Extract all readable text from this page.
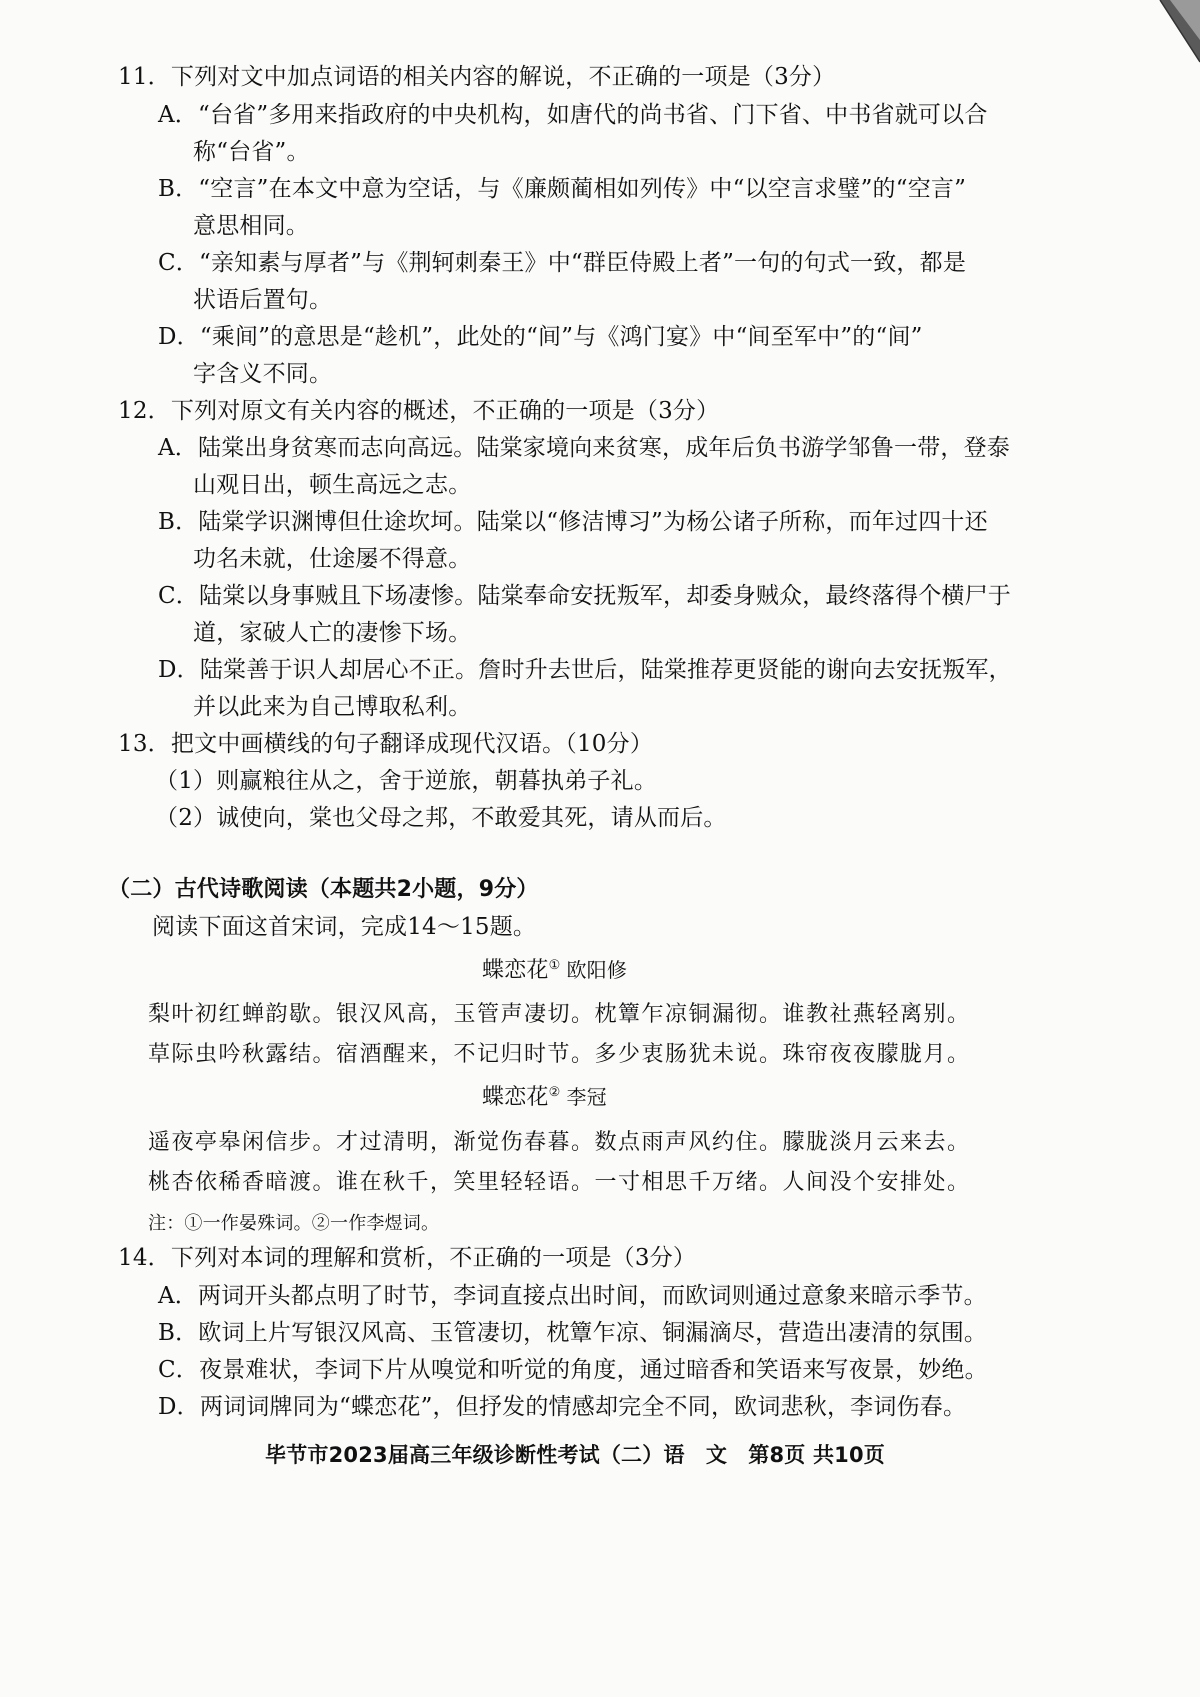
11．下列对文中加点词语的相关内容的解说，不正确的一项是（3分）
A．“台省”多用来指政府的中央机构，如唐代的尚书省、门下省、中书省就可以合
称“台省”。
B．“空言”在本文中意为空话，与《廉颇蔺相如列传》中“以空言求璧”的“空言”
意思相同。
C．“亲知素与厚者”与《荆轲刺秦王》中“群臣侍殿上者”一句的句式一致，都是
状语后置句。
D．“乘间”的意思是“趁机”，此处的“间”与《鸿门宴》中“间至军中”的“间”
字含义不同。
12．下列对原文有关内容的概述，不正确的一项是（3分）
A．陆棠出身贫寒而志向高远。陆棠家境向来贫寒，成年后负书游学邹鲁一带，登泰
山观日出，顿生高远之志。
B．陆棠学识渊博但仕途坎坷。陆棠以“修洁博习”为杨公诸子所称，而年过四十还
功名未就，仕途屡不得意。
C．陆棠以身事贼且下场凄惨。陆棠奉命安抚叛军，却委身贼众，最终落得个横尸于
道，家破人亡的凄惨下场。
D．陆棠善于识人却居心不正。詹时升去世后，陆棠推荐更贤能的谢向去安抚叛军，
并以此来为自己博取私利。
13．把文中画横线的句子翻译成现代汉语。（10分）
（1）则赢粮往从之，舍于逆旅，朝暮执弟子礼。
（2）诚使向，棠也父母之邦，不敢爱其死，请从而后。
（二）古代诗歌阅读（本题共2小题，9分）
阅读下面这首宋词，完成14～15题。
蝶恋花① 欧阳修
梨叶初红蝉韵歇。银汉风高，玉管声凄切。枕簟乍凉铜漏彻。谁教社燕轻离别。
草际虫吟秋露结。宿酒醒来，不记归时节。多少衷肠犹未说。珠帘夜夜朦胧月。
蝶恋花② 李冠
遥夜亭皋闲信步。才过清明，渐觉伤春暮。数点雨声风约住。朦胧淡月云来去。
桃杏依稀香暗渡。谁在秋千，笑里轻轻语。一寸相思千万绪。人间没个安排处。
注：①一作晏殊词。②一作李煜词。
14．下列对本词的理解和赏析，不正确的一项是（3分）
A．两词开头都点明了时节，李词直接点出时间，而欧词则通过意象来暗示季节。
B．欧词上片写银汉风高、玉管凄切，枕簟乍凉、铜漏滴尽，营造出凄清的氛围。
C．夜景难状，李词下片从嗅觉和听觉的角度，通过暗香和笑语来写夜景，妙绝。
D．两词词牌同为“蝶恋花”，但抒发的情感却完全不同，欧词悲秋，李词伤春。
毕节市2023届高三年级诊断性考试（二）语　文　第8页 共10页
